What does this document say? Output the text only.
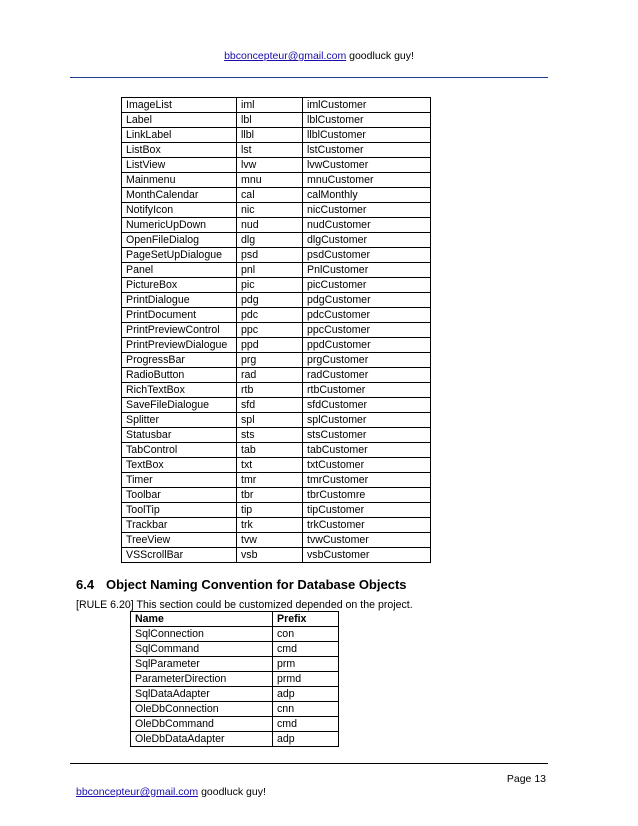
bbconcepteur@gmail.com goodluck guy!
ImageList	iml	imlCustomer
Label	lbl	lblCustomer
LinkLabel	llbl	llblCustomer
ListBox	lst	lstCustomer
ListView	lvw	lvwCustomer
Mainmenu	mnu	mnuCustomer
MonthCalendar	cal	calMonthly
NotifyIcon	nic	nicCustomer
NumericUpDown	nud	nudCustomer
OpenFileDialog	dlg	dlgCustomer
PageSetUpDialogue	psd	psdCustomer
Panel	pnl	PnlCustomer
PictureBox	pic	picCustomer
PrintDialogue	pdg	pdgCustomer
PrintDocument	pdc	pdcCustomer
PrintPreviewControl	ppc	ppcCustomer
PrintPreviewDialogue	ppd	ppdCustomer
ProgressBar	prg	prgCustomer
RadioButton	rad	radCustomer
RichTextBox	rtb	rtbCustomer
SaveFileDialogue	sfd	sfdCustomer
Splitter	spl	splCustomer
Statusbar	sts	stsCustomer
TabControl	tab	tabCustomer
TextBox	txt	txtCustomer
Timer	tmr	tmrCustomer
Toolbar	tbr	tbrCustomre
ToolTip	tip	tipCustomer
Trackbar	trk	trkCustomer
TreeView	tvw	tvwCustomer
VSScrollBar	vsb	vsbCustomer
6.4 Object Naming Convention for Database Objects
[RULE 6.20] This section could be customized depended on the project.
Name	Prefix
SqlConnection	con
SqlCommand	cmd
SqlParameter	prm
ParameterDirection	prmd
SqlDataAdapter	adp
OleDbConnection	cnn
OleDbCommand	cmd
OleDbDataAdapter	adp
Page 13
bbconcepteur@gmail.com goodluck guy!
